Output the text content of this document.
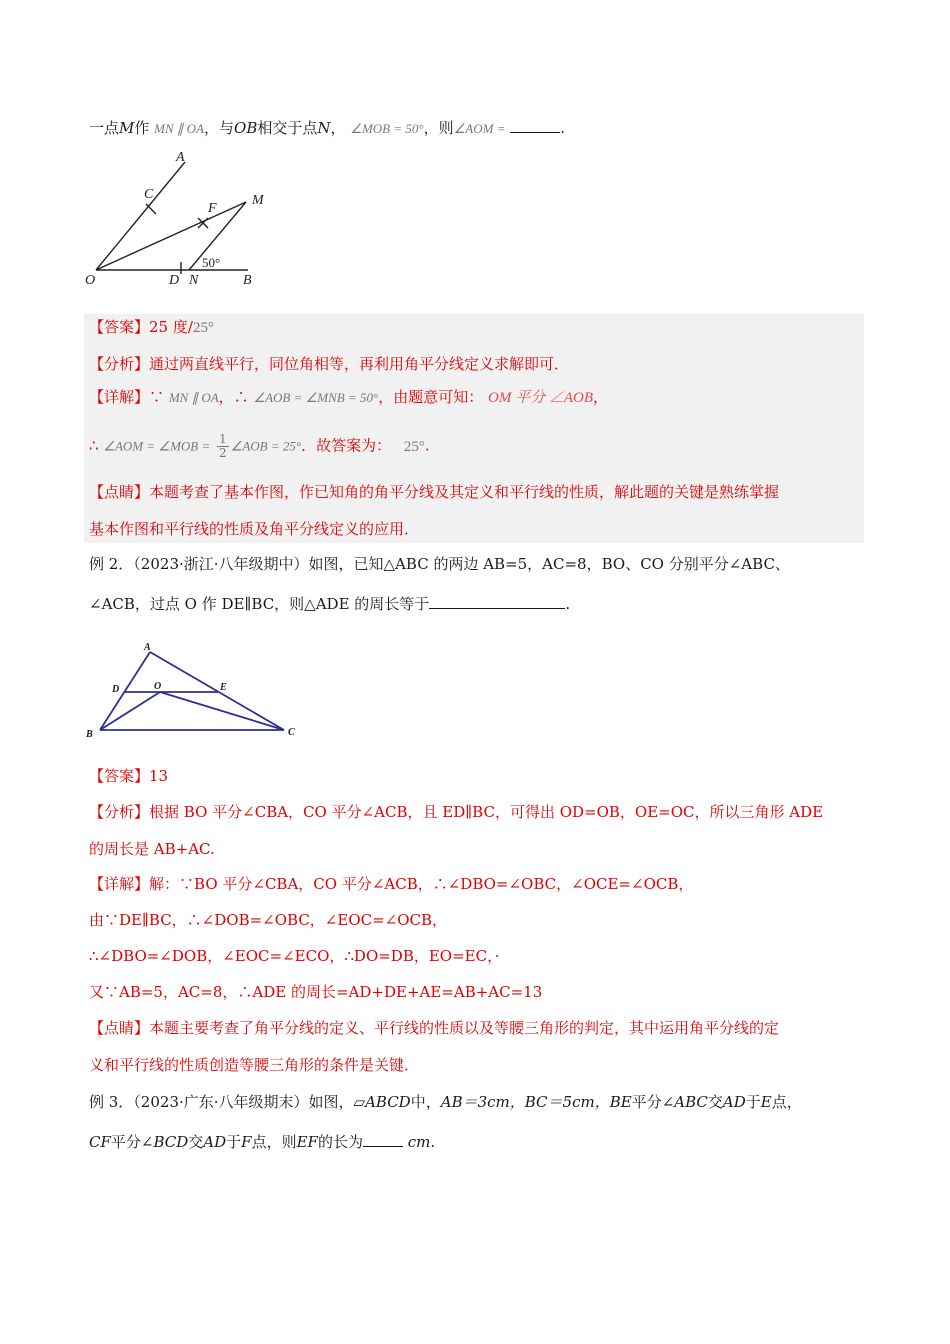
一点M作 MN ∥ OA，与OB相交于点N， ∠MOB = 50°，则∠AOM =	.
A
C
F
M
O	D N	B
50°
【答案】25 度/25°
【分析】通过两直线平行，同位角相等，再利用角平分线定义求解即可．
【详解】∵ MN ∥ OA，∴ ∠AOB = ∠MNB = 50°，由题意可知： OM 平分 ∠AOB，
∴ ∠AOM = ∠MOB = $\frac{1}{2}$ ∠AOB = 25°．故答案为： 25°.
【点睛】本题考查了基本作图，作已知角的角平分线及其定义和平行线的性质，解此题的关键是熟练掌握
基本作图和平行线的性质及角平分线定义的应用．
例 2．（2023·浙江·八年级期中）如图，已知△ABC 的两边 AB=5，AC=8，BO、CO 分别平分∠ABC、
∠ACB，过点 O 作 DE∥BC，则△ADE 的周长等于	.
A
D	O	E
B	C
【答案】13
【分析】根据 BO 平分∠CBA，CO 平分∠ACB，且 ED∥BC，可得出 OD=OB，OE=OC，所以三角形 ADE
的周长是 AB+AC.
【详解】解：∵BO 平分∠CBA，CO 平分∠ACB，∴∠DBO=∠OBC，∠OCE=∠OCB，
由∵DE∥BC，∴∠DOB=∠OBC，∠EOC=∠OCB，
∴∠DBO=∠DOB，∠EOC=∠ECO，∴DO=DB，EO=EC，·
又∵AB=5，AC=8，∴ADE 的周长=AD+DE+AE=AB+AC=13
【点睛】本题主要考查了角平分线的定义、平行线的性质以及等腰三角形的判定，其中运用角平分线的定
义和平行线的性质创造等腰三角形的条件是关键．
例 3．（2023·广东·八年级期末）如图，▱ABCD中，AB＝3cm，BC＝5cm，BE平分∠ABC交AD于E点，
CF平分∠BCD交AD于F点，则EF的长为	cm.
